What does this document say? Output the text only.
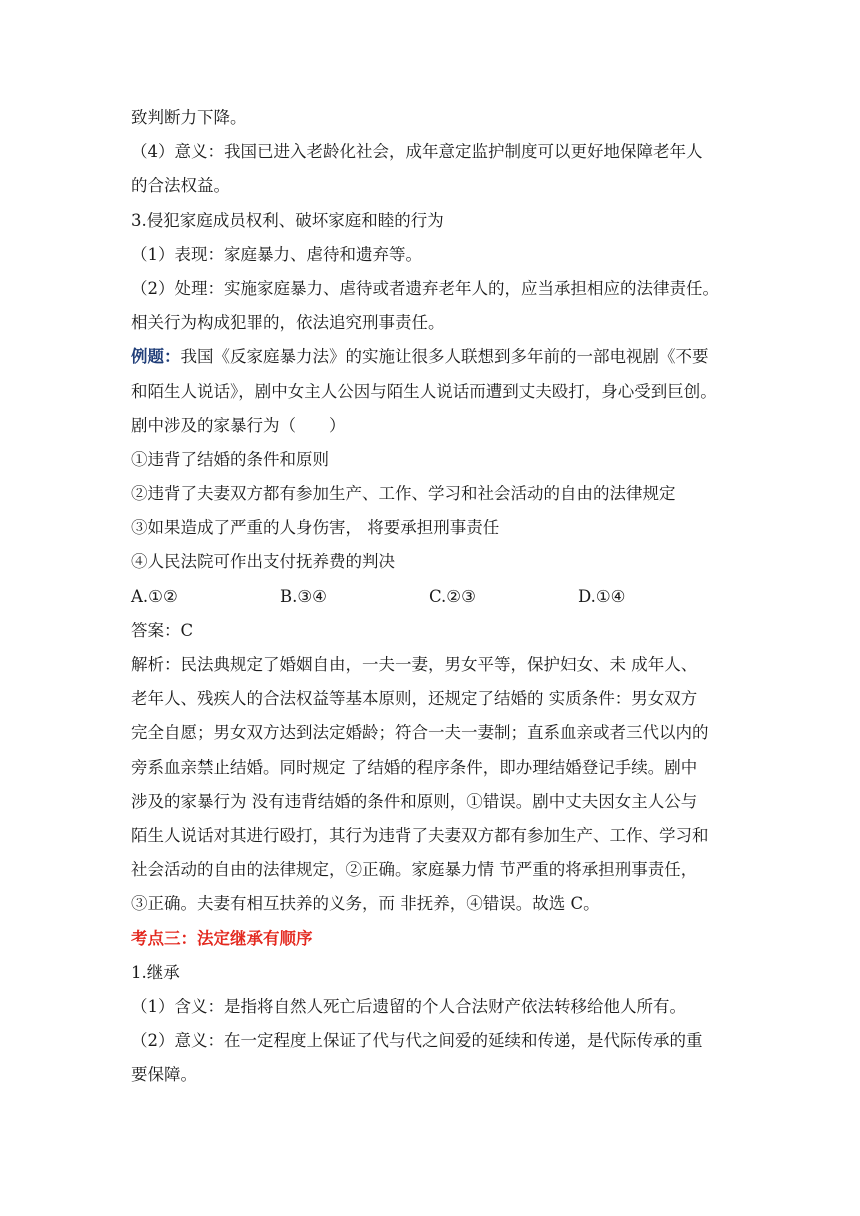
致判断力下降。
（4）意义：我国已进入老龄化社会，成年意定监护制度可以更好地保障老年人
的合法权益。
3.侵犯家庭成员权利、破坏家庭和睦的行为
（1）表现：家庭暴力、虐待和遗弃等。
（2）处理：实施家庭暴力、虐待或者遗弃老年人的，应当承担相应的法律责任。
相关行为构成犯罪的，依法追究刑事责任。
例题：我国《反家庭暴力法》的实施让很多人联想到多年前的一部电视剧《不要
和陌生人说话》，剧中女主人公因与陌生人说话而遭到丈夫殴打，身心受到巨创。
剧中涉及的家暴行为（　　）
①违背了结婚的条件和原则
②违背了夫妻双方都有参加生产、工作、学习和社会活动的自由的法律规定
③如果造成了严重的人身伤害， 将要承担刑事责任
④人民法院可作出支付抚养费的判决
A.①②	B.③④	C.②③	D.①④
答案：C
解析：民法典规定了婚姻自由，一夫一妻，男女平等，保护妇女、未 成年人、
老年人、残疾人的合法权益等基本原则，还规定了结婚的 实质条件：男女双方
完全自愿；男女双方达到法定婚龄；符合一夫一妻制；直系血亲或者三代以内的
旁系血亲禁止结婚。同时规定 了结婚的程序条件，即办理结婚登记手续。剧中
涉及的家暴行为 没有违背结婚的条件和原则，①错误。剧中丈夫因女主人公与
陌生人说话对其进行殴打，其行为违背了夫妻双方都有参加生产、工作、学习和
社会活动的自由的法律规定，②正确。家庭暴力情 节严重的将承担刑事责任，
③正确。夫妻有相互扶养的义务，而 非抚养，④错误。故选 C。
考点三：法定继承有顺序
1.继承
（1）含义：是指将自然人死亡后遗留的个人合法财产依法转移给他人所有。
（2）意义：在一定程度上保证了代与代之间爱的延续和传递，是代际传承的重
要保障。
